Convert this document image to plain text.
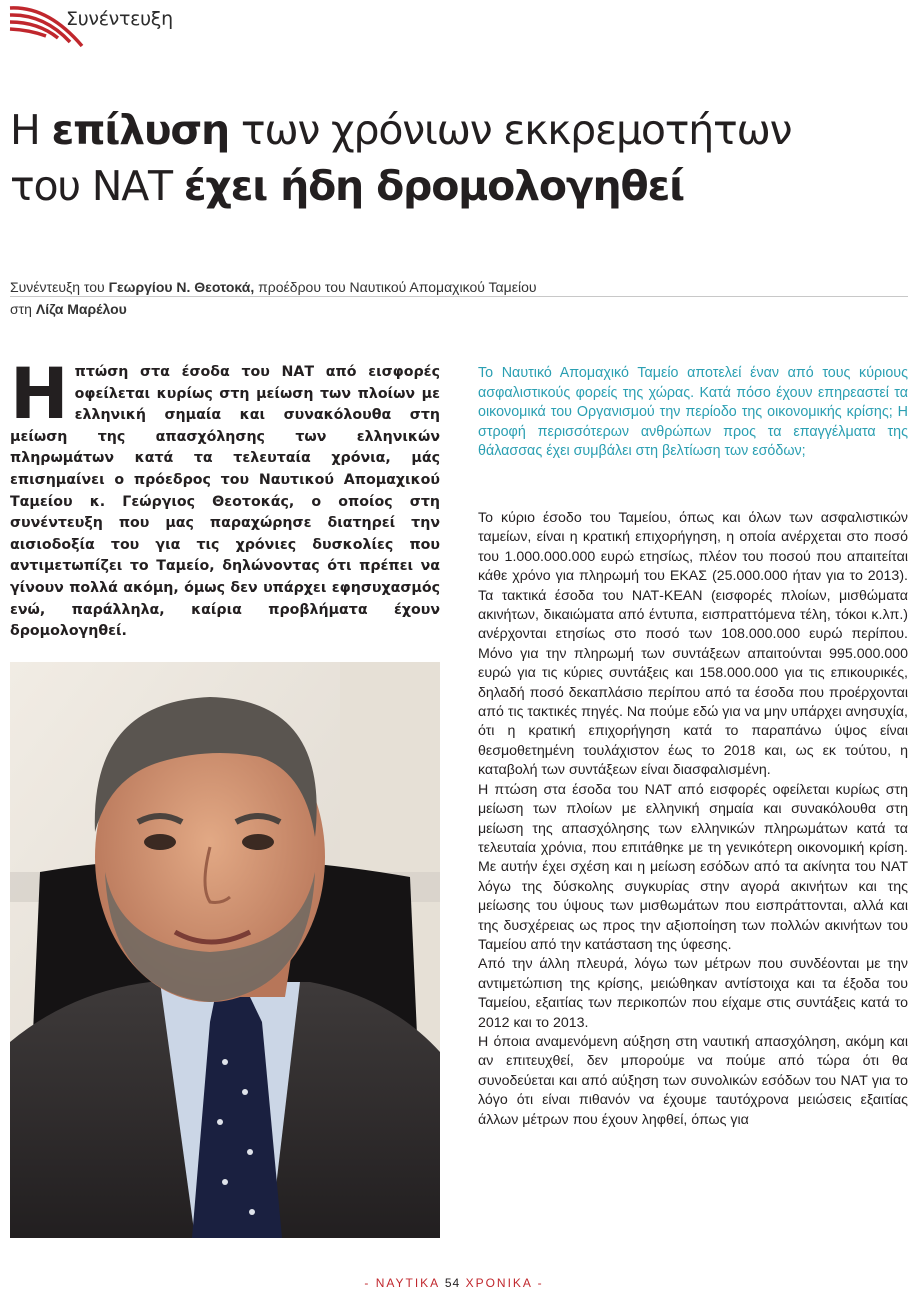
Συνέντευξη
Η επίλυση των χρόνιων εκκρεμοτήτων
του ΝΑΤ έχει ήδη δρομολογηθεί
Συνέντευξη του Γεωργίου Ν. Θεοτοκά, προέδρου του Ναυτικού Απομαχικού Ταμείου
στη Λίζα Μαρέλου

Ηπτώση στα έσοδα του ΝΑΤ από εισφορές οφείλεται κυρίως στη μείωση των πλοίων με ελληνική σημαία και συνακόλουθα στη μείωση της απασχόλησης των ελληνικών πληρωμάτων κατά τα τελευταία χρόνια, μάς επισημαίνει ο πρόεδρος του Ναυτικού Απομαχικού Ταμείου κ. Γεώργιος Θεοτοκάς, ο οποίος στη συνέντευξη που μας παραχώρησε διατηρεί την αισιοδοξία του για τις χρόνιες δυσκολίες που αντιμετωπίζει το Ταμείο, δηλώνοντας ότι πρέπει να γίνουν πολλά ακόμη, όμως δεν υπάρχει εφησυχασμός ενώ, παράλληλα, καίρια προβλήματα έχουν δρομολογηθεί.

Το Ναυτικό Απομαχικό Ταμείο αποτελεί έναν από τους κύριους ασφαλιστικούς φορείς της χώρας. Κατά πόσο έχουν επηρεαστεί τα οικονομικά του Οργανισμού την περίοδο της οικονομικής κρίσης; Η στροφή περισσότερων ανθρώπων προς τα επαγγέλματα της θάλασσας έχει συμβάλει στη βελτίωση των εσόδων;

Το κύριο έσοδο του Ταμείου, όπως και όλων των ασφαλιστικών ταμείων, είναι η κρατική επιχορήγηση, η οποία ανέρχεται στο ποσό του 1.000.000.000 ευρώ ετησίως, πλέον του ποσού που απαιτείται κάθε χρόνο για πληρωμή του ΕΚΑΣ (25.000.000 ήταν για το 2013). Τα τακτικά έσοδα του ΝΑΤ-ΚΕΑΝ (εισφορές πλοίων, μισθώματα ακινήτων, δικαιώματα από έντυπα, εισπραττόμενα τέλη, τόκοι κ.λπ.) ανέρχονται ετησίως στο ποσό των 108.000.000 ευρώ περίπου. Μόνο για την πληρωμή των συντάξεων απαιτούνται 995.000.000 ευρώ για τις κύριες συντάξεις και 158.000.000 για τις επικουρικές, δηλαδή ποσό δεκαπλάσιο περίπου από τα έσοδα που προέρχονται από τις τακτικές πηγές. Να πούμε εδώ για να μην υπάρχει ανησυχία, ότι η κρατική επιχορήγηση κατά το παραπάνω ύψος είναι θεσμοθετημένη τουλάχιστον έως το 2018 και, ως εκ τούτου, η καταβολή των συντάξεων είναι διασφαλισμένη.

Η πτώση στα έσοδα του ΝΑΤ από εισφορές οφείλεται κυρίως στη μείωση των πλοίων με ελληνική σημαία και συνακόλουθα στη μείωση της απασχόλησης των ελληνικών πληρωμάτων κατά τα τελευταία χρόνια, που επιτάθηκε με τη γενικότερη οικονομική κρίση. Με αυτήν έχει σχέση και η μείωση εσόδων από τα ακίνητα του ΝΑΤ λόγω της δύσκολης συγκυρίας στην αγορά ακινήτων και της μείωσης του ύψους των μισθωμάτων που εισπράττονται, αλλά και της δυσχέρειας ως προς την αξιοποίηση των πολλών ακινήτων του Ταμείου από την κατάσταση της ύφεσης.

Από την άλλη πλευρά, λόγω των μέτρων που συνδέονται με την αντιμετώπιση της κρίσης, μειώθηκαν αντίστοιχα και τα έξοδα του Ταμείου, εξαιτίας των περικοπών που είχαμε στις συντάξεις κατά το 2012 και το 2013.

Η όποια αναμενόμενη αύξηση στη ναυτική απασχόληση, ακόμη και αν επιτευχθεί, δεν μπορούμε να πούμε από τώρα ότι θα συνοδεύεται και από αύξηση των συνολικών εσόδων του ΝΑΤ για το λόγο ότι είναι πιθανόν να έχουμε ταυτόχρονα μειώσεις εξαιτίας άλλων μέτρων που έχουν ληφθεί, όπως για

- ΝΑΥΤΙΚΑ 54 ΧΡΟΝΙΚΑ -
